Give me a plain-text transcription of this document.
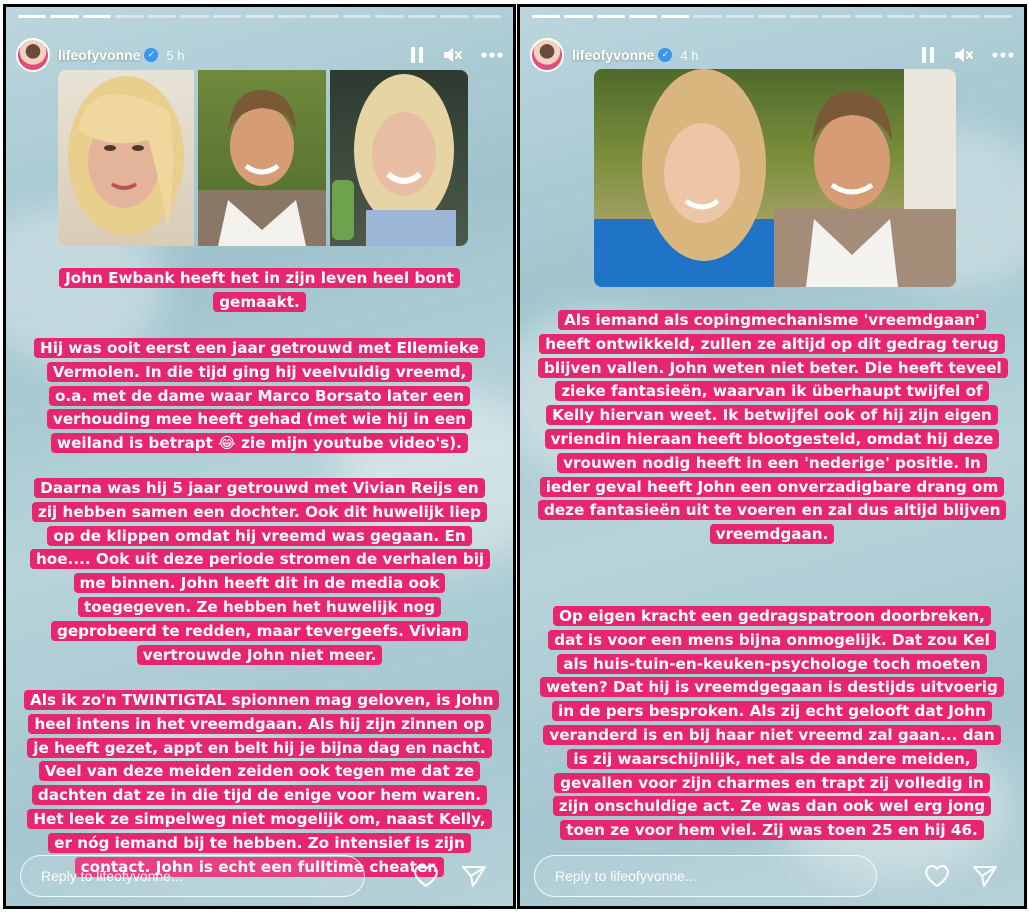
lifeofyvonne ✓ 5 h
John Ewbank heeft het in zijn leven heel bont gemaakt.
Hij was ooit eerst een jaar getrouwd met Ellemieke Vermolen. In die tijd ging hij veelvuldig vreemd, o.a. met de dame waar Marco Borsato later een verhouding mee heeft gehad (met wie hij in een weiland is betrapt 😂 zie mijn youtube video's).
Daarna was hij 5 jaar getrouwd met Vivian Reijs en zij hebben samen een dochter. Ook dit huwelijk liep op de klippen omdat hij vreemd was gegaan. En hoe.... Ook uit deze periode stromen de verhalen bij me binnen. John heeft dit in de media ook toegegeven. Ze hebben het huwelijk nog geprobeerd te redden, maar tevergeefs. Vivian vertrouwde John niet meer.
Als ik zo'n TWINTIGTAL spionnen mag geloven, is John heel intens in het vreemdgaan. Als hij zijn zinnen op je heeft gezet, appt en belt hij je bijna dag en nacht. Veel van deze meiden zeiden ook tegen me dat ze dachten dat ze in die tijd de enige voor hem waren. Het leek ze simpelweg niet mogelijk om, naast Kelly, er nóg iemand bij te hebben. Zo intensief is zijn contact. John is echt een fulltime cheater.
Reply to lifeofyvonne...
lifeofyvonne ✓ 4 h
Als iemand als copingmechanisme 'vreemdgaan' heeft ontwikkeld, zullen ze altijd op dit gedrag terug blijven vallen. John weten niet beter. Die heeft teveel zieke fantasieën, waarvan ik überhaupt twijfel of Kelly hiervan weet. Ik betwijfel ook of hij zijn eigen vriendin hieraan heeft blootgesteld, omdat hij deze vrouwen nodig heeft in een 'nederige' positie. In ieder geval heeft John een onverzadigbare drang om deze fantasieën uit te voeren en zal dus altijd blijven vreemdgaan.
Op eigen kracht een gedragspatroon doorbreken, dat is voor een mens bijna onmogelijk. Dat zou Kel als huis-tuin-en-keuken-psychologe toch moeten weten? Dat hij is vreemdgegaan is destijds uitvoerig in de pers besproken. Als zij echt gelooft dat John veranderd is en bij haar niet vreemd zal gaan... dan is zij waarschijnlijk, net als de andere meiden, gevallen voor zijn charmes en trapt zij volledig in zijn onschuldige act. Ze was dan ook wel erg jong toen ze voor hem viel. Zij was toen 25 en hij 46.
Reply to lifeofyvonne...
